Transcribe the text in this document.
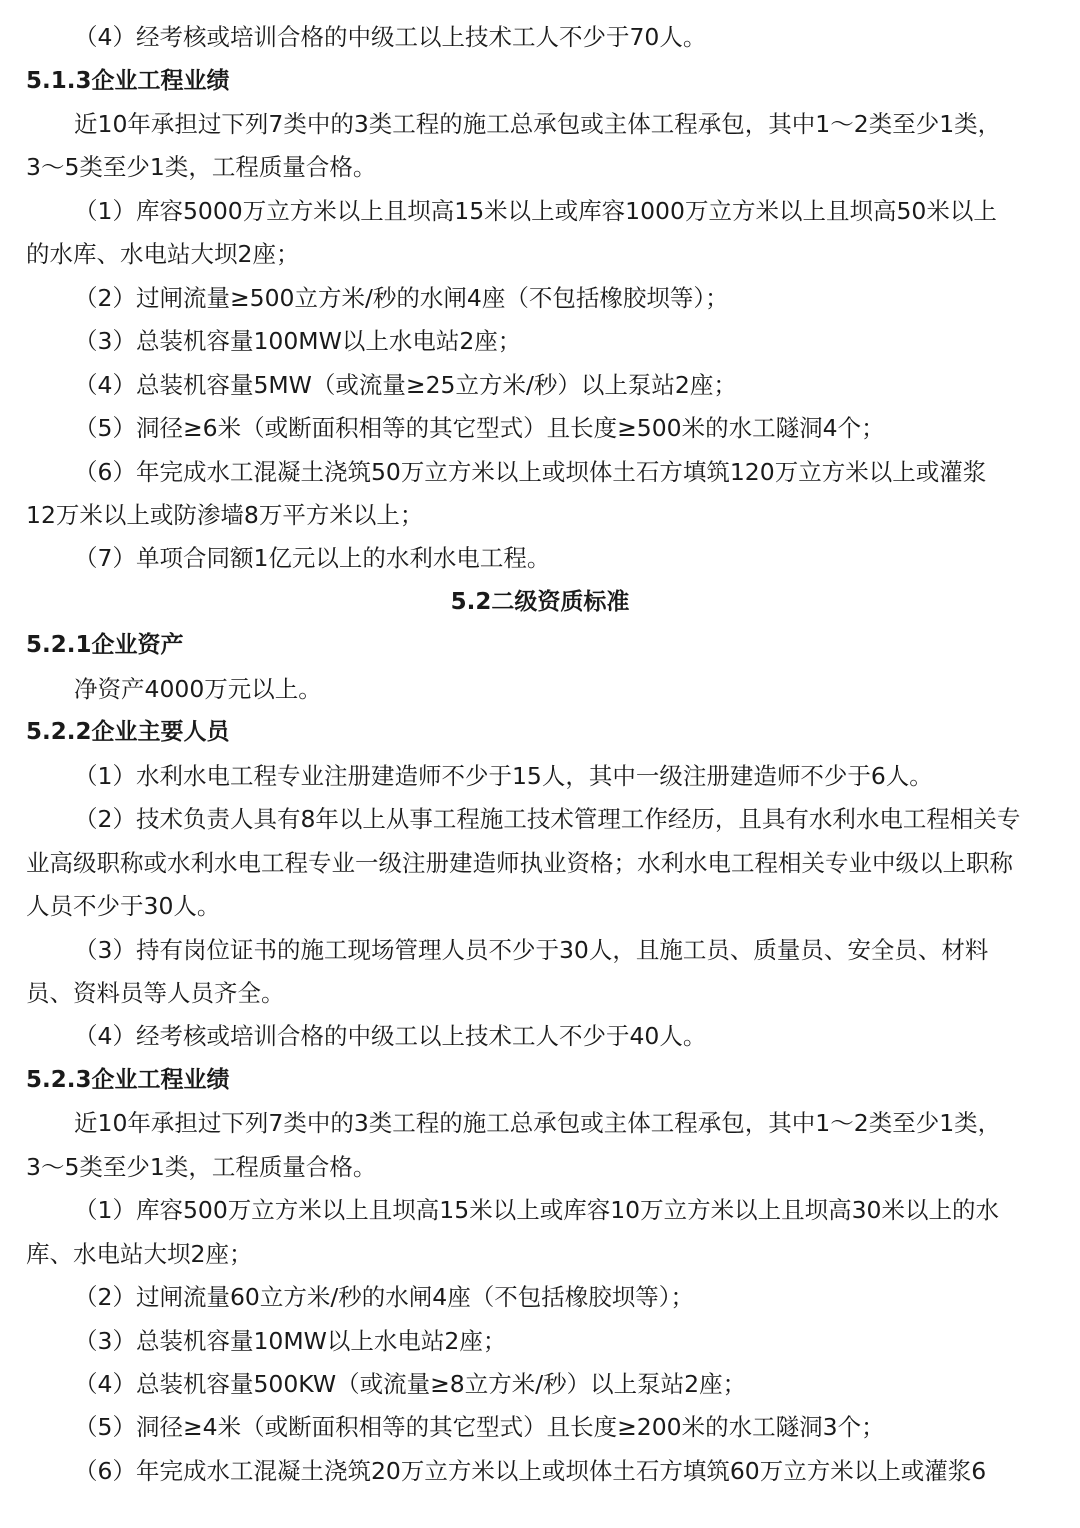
（4）经考核或培训合格的中级工以上技术工人不少于70人。
5.1.3企业工程业绩
近10年承担过下列7类中的3类工程的施工总承包或主体工程承包，其中1～2类至少1类，
3～5类至少1类，工程质量合格。
（1）库容5000万立方米以上且坝高15米以上或库容1000万立方米以上且坝高50米以上
的水库、水电站大坝2座；
（2）过闸流量≥500立方米/秒的水闸4座（不包括橡胶坝等）；
（3）总装机容量100MW以上水电站2座；
（4）总装机容量5MW（或流量≥25立方米/秒）以上泵站2座；
（5）洞径≥6米（或断面积相等的其它型式）且长度≥500米的水工隧洞4个；
（6）年完成水工混凝土浇筑50万立方米以上或坝体土石方填筑120万立方米以上或灌浆
12万米以上或防渗墙8万平方米以上；
（7）单项合同额1亿元以上的水利水电工程。
5.2二级资质标准
5.2.1企业资产
净资产4000万元以上。
5.2.2企业主要人员
（1）水利水电工程专业注册建造师不少于15人，其中一级注册建造师不少于6人。
（2）技术负责人具有8年以上从事工程施工技术管理工作经历，且具有水利水电工程相关专
业高级职称或水利水电工程专业一级注册建造师执业资格；水利水电工程相关专业中级以上职称
人员不少于30人。
（3）持有岗位证书的施工现场管理人员不少于30人，且施工员、质量员、安全员、材料
员、资料员等人员齐全。
（4）经考核或培训合格的中级工以上技术工人不少于40人。
5.2.3企业工程业绩
近10年承担过下列7类中的3类工程的施工总承包或主体工程承包，其中1～2类至少1类，
3～5类至少1类，工程质量合格。
（1）库容500万立方米以上且坝高15米以上或库容10万立方米以上且坝高30米以上的水
库、水电站大坝2座；
（2）过闸流量60立方米/秒的水闸4座（不包括橡胶坝等）；
（3）总装机容量10MW以上水电站2座；
（4）总装机容量500KW（或流量≥8立方米/秒）以上泵站2座；
（5）洞径≥4米（或断面积相等的其它型式）且长度≥200米的水工隧洞3个；
（6）年完成水工混凝土浇筑20万立方米以上或坝体土石方填筑60万立方米以上或灌浆6
